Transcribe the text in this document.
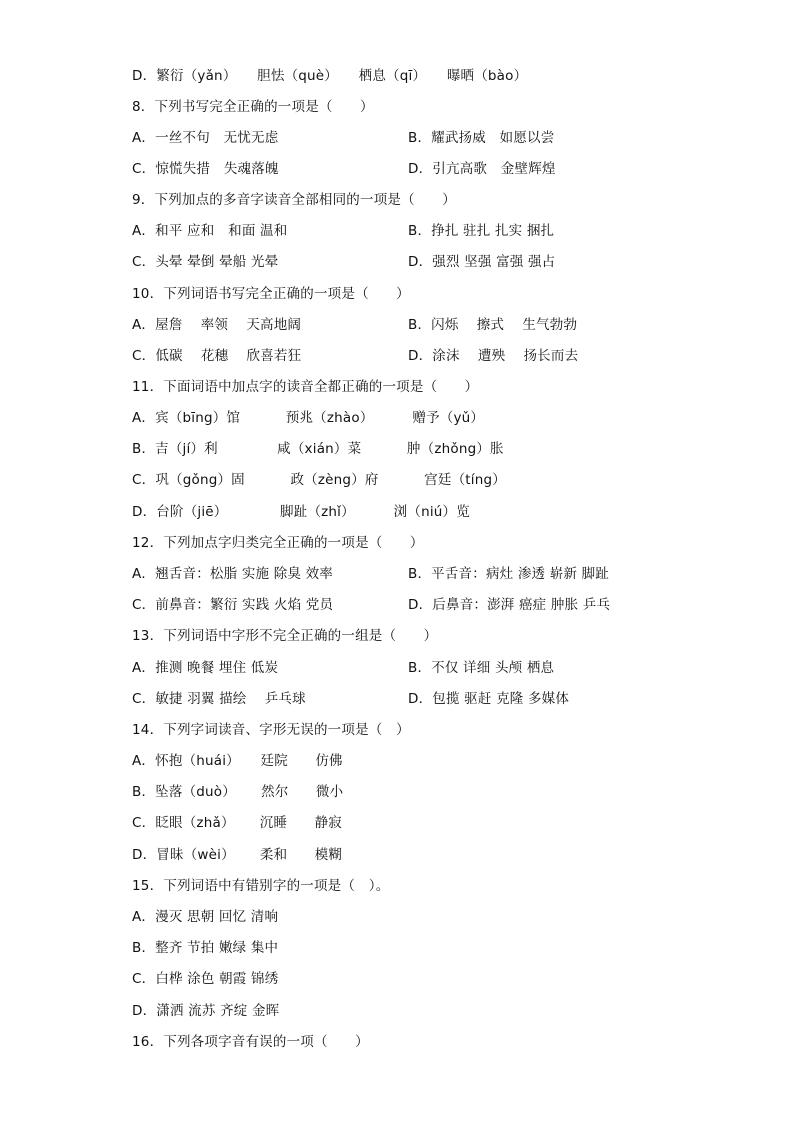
D．繁衍（yǎn）　　胆怯（què）　　栖息（qī）　　曝晒（bào）
8．下列书写完全正确的一项是（　　）
A．一丝不句　无忧无虑	B．耀武扬威　如愿以尝
C．惊慌失措　失魂落魄	D．引亢高歌　金壁辉煌
9．下列加点的多音字读音全部相同的一项是（　　）
A．和平 应和　和面 温和	B．挣扎 驻扎 扎实 捆扎
C．头晕 晕倒 晕船 光晕	D．强烈 坚强 富强 强占
10．下列词语书写完全正确的一项是（　　）
A．屋詹　 率领　 天高地阔	B．闪烁　 擦式　 生气勃勃
C．低碳　 花穗　 欣喜若狂	D．涂沫　 遭殃　 扬长而去
11．下面词语中加点字的读音全都正确的一项是（　　）
A．宾（bīng）馆　　　 预兆（zhào）　　　 赠予（yǔ）
B．吉（jí）利　　　　 咸（xián）菜　　　 肿（zhǒng）胀
C．巩（gǒng）固　　　 政（zèng）府　　　 宫廷（tíng）
D．台阶（jiē）　　　　 脚趾（zhǐ）　　　 浏（niú）览
12．下列加点字归类完全正确的一项是（　　）
A．翘舌音：松脂 实施 除臭 效率	B．平舌音：病灶 渗透 崭新 脚趾
C．前鼻音：繁衍 实践 火焰 党员	D．后鼻音：澎湃 癌症 肿胀 乒乓
13．下列词语中字形不完全正确的一组是（　　）
A．推测 晚餐 埋住 低炭	B．不仅 详细 头颅 栖息
C．敏捷 羽翼 描绘　 乒乓球	D．包揽 驱赶 克隆 多媒体
14．下列字词读音、字形无误的一项是（　）
A．怀抱（huái）　　廷院　　仿佛
B．坠落（duò）　　 然尔　　微小
C．眨眼（zhǎ）　　 沉睡　　静寂
D．冒昧（wèi）　　 柔和　　模糊
15．下列词语中有错别字的一项是（　）。
A．漫灭 思朝 回忆 清响
B．整齐 节拍 嫩绿 集中
C．白桦 涂色 朝霞 锦绣
D．潇洒 流苏 齐绽 金晖
16．下列各项字音有误的一项（　　）
